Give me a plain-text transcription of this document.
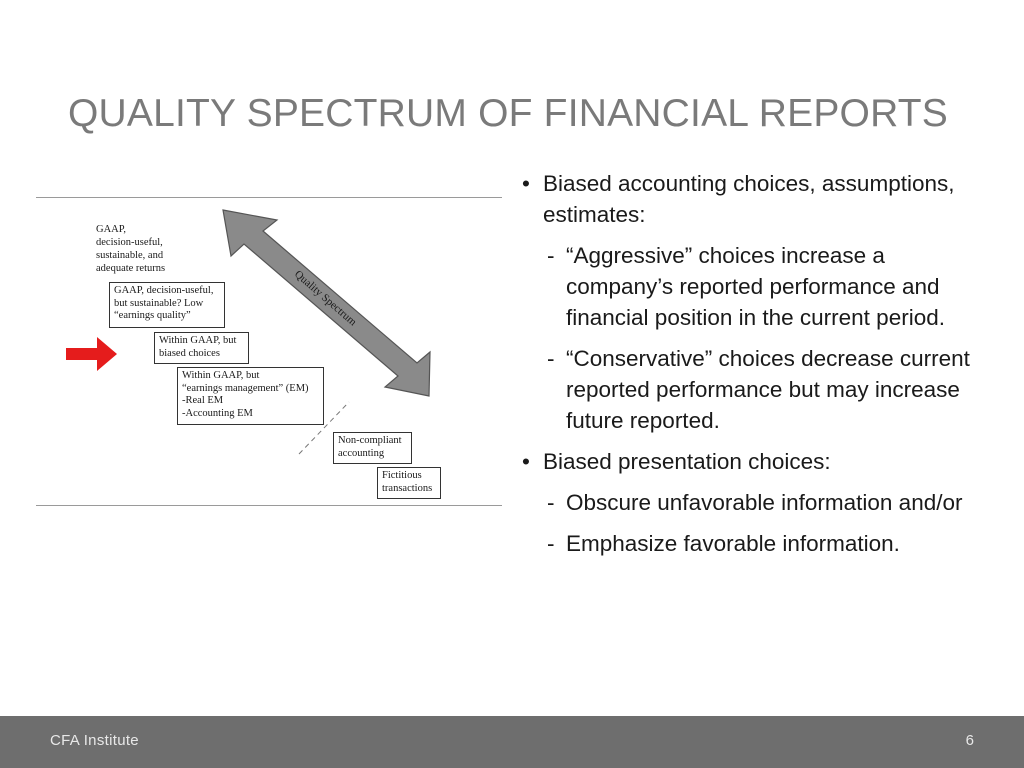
QUALITY SPECTRUM OF FINANCIAL REPORTS
Quality Spectrum
GAAP,
decision-useful,
sustainable, and
adequate returns
GAAP, decision-useful,
but sustainable? Low
“earnings quality”
Within GAAP, but
biased choices
Within GAAP, but
“earnings management” (EM)
-Real EM
-Accounting EM
Non-compliant
accounting
Fictitious
transactions
• Biased accounting choices, assumptions, estimates:
- “Aggressive” choices increase a company’s reported performance and financial position in the current period.
- “Conservative” choices decrease current reported performance but may increase future reported.
• Biased presentation choices:
- Obscure unfavorable information and/or
- Emphasize favorable information.
CFA Institute	6
